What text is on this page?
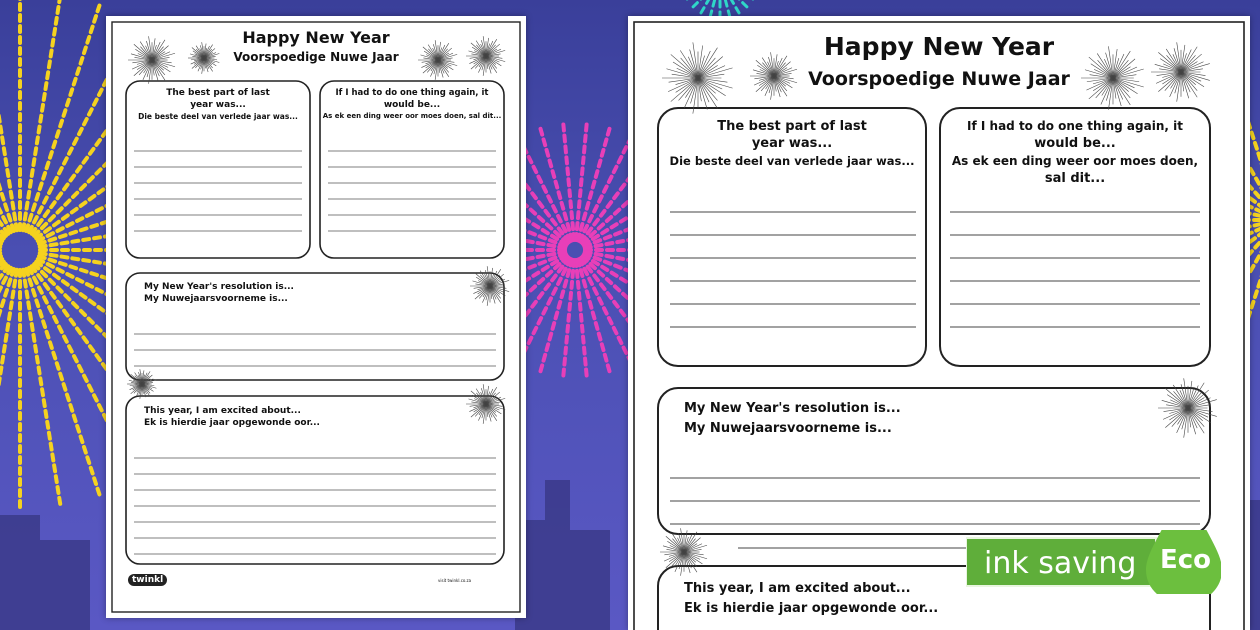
Happy New Year
Voorspoedige Nuwe Jaar
The best part of last
year was...
Die beste deel van verlede jaar was...
If I had to do one thing again, it
would be...
As ek een ding weer oor moes doen, sal dit...
My New Year's resolution is...
My Nuwejaarsvoorneme is...
This year, I am excited about...
Ek is hierdie jaar opgewonde oor...
twinkl	visit twinkl.co.za
Happy New Year
Voorspoedige Nuwe Jaar
The best part of last
year was...
Die beste deel van verlede jaar was...
If I had to do one thing again, it
would be...
As ek een ding weer oor moes doen,
sal dit...
My New Year's resolution is...
My Nuwejaarsvoorneme is...
This year, I am excited about...
Ek is hierdie jaar opgewonde oor...
ink saving Eco
